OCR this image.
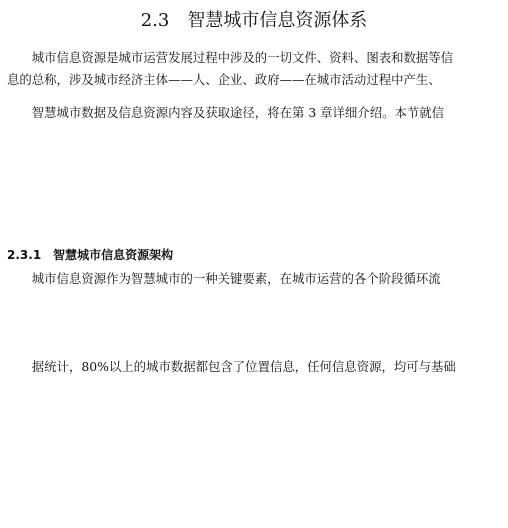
2.3　智慧城市信息资源体系
　　城市信息资源是城市运营发展过程中涉及的一切文件、资料、图表和数据等信
息的总称，涉及城市经济主体——人、企业、政府——在城市活动过程中产生、
　　智慧城市数据及信息资源内容及获取途径，将在第 3 章详细介绍。本节就信
2.3.1　智慧城市信息资源架构
　　城市信息资源作为智慧城市的一种关键要素，在城市运营的各个阶段循环流
　　据统计，80%以上的城市数据都包含了位置信息，任何信息资源，均可与基础
